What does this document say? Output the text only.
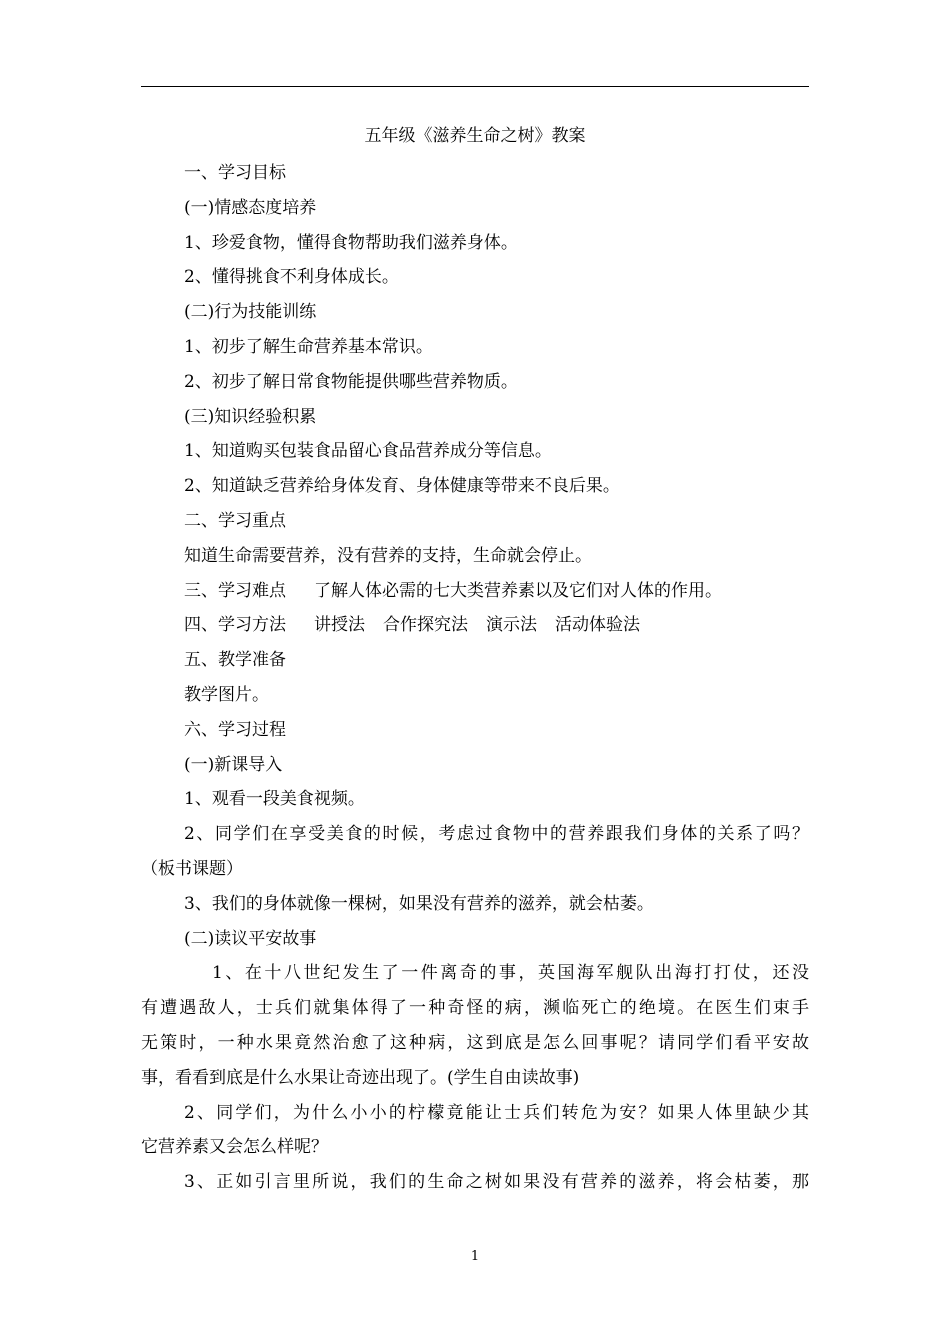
五年级《滋养生命之树》教案
一、学习目标
(一)情感态度培养
1、珍爱食物，懂得食物帮助我们滋养身体。
2、懂得挑食不利身体成长。
(二)行为技能训练
1、初步了解生命营养基本常识。
2、初步了解日常食物能提供哪些营养物质。
(三)知识经验积累
1、知道购买包装食品留心食品营养成分等信息。
2、知道缺乏营养给身体发育、身体健康等带来不良后果。
二、学习重点
知道生命需要营养，没有营养的支持，生命就会停止。
三、学习难点 了解人体必需的七大类营养素以及它们对人体的作用。
四、学习方法 讲授法 合作探究法 演示法 活动体验法
五、教学准备
教学图片。
六、学习过程
(一)新课导入
1、观看一段美食视频。
2、同学们在享受美食的时候，考虑过食物中的营养跟我们身体的关系了吗？
（板书课题）
3、我们的身体就像一棵树，如果没有营养的滋养，就会枯萎。
(二)读议平安故事
1、在十八世纪发生了一件离奇的事，英国海军舰队出海打打仗，还没
有遭遇敌人，士兵们就集体得了一种奇怪的病，濒临死亡的绝境。在医生们束手
无策时，一种水果竟然治愈了这种病，这到底是怎么回事呢？请同学们看平安故
事，看看到底是什么水果让奇迹出现了。(学生自由读故事)
2、同学们，为什么小小的柠檬竟能让士兵们转危为安？如果人体里缺少其
它营养素又会怎么样呢？
3、正如引言里所说，我们的生命之树如果没有营养的滋养，将会枯萎，那
1
